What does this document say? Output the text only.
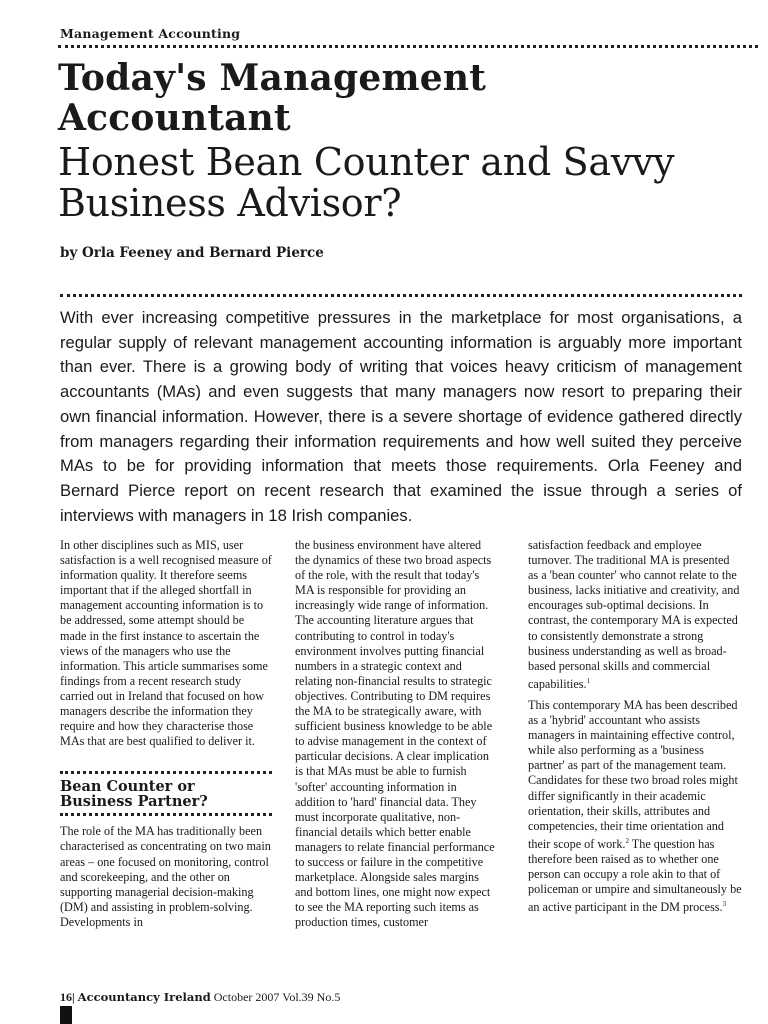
Management Accounting
Today's Management Accountant
Honest Bean Counter and Savvy Business Advisor?
by Orla Feeney and Bernard Pierce

With ever increasing competitive pressures in the marketplace for most organisations, a regular supply of relevant management accounting information is arguably more important than ever. There is a growing body of writing that voices heavy criticism of management accountants (MAs) and even suggests that many managers now resort to preparing their own financial information. However, there is a severe shortage of evidence gathered directly from managers regarding their information requirements and how well suited they perceive MAs to be for providing information that meets those requirements. Orla Feeney and Bernard Pierce report on recent research that examined the issue through a series of interviews with managers in 18 Irish companies.

In other disciplines such as MIS, user satisfaction is a well recognised measure of information quality. It therefore seems important that if the alleged shortfall in management accounting information is to be addressed, some attempt should be made in the first instance to ascertain the views of the managers who use the information. This article summarises some findings from a recent research study carried out in Ireland that focused on how managers describe the information they require and how they characterise those MAs that are best qualified to deliver it.

Bean Counter or
Business Partner?

The role of the MA has traditionally been characterised as concentrating on two main areas – one focused on monitoring, control and scorekeeping, and the other on supporting managerial decision-making (DM) and assisting in problem-solving. Developments in

the business environment have altered the dynamics of these two broad aspects of the role, with the result that today's MA is responsible for providing an increasingly wide range of information. The accounting literature argues that contributing to control in today's environment involves putting financial numbers in a strategic context and relating non-financial results to strategic objectives. Contributing to DM requires the MA to be strategically aware, with sufficient business knowledge to be able to advise management in the context of particular decisions. A clear implication is that MAs must be able to furnish 'softer' accounting information in addition to 'hard' financial data. They must incorporate qualitative, non-financial details which better enable managers to relate financial performance to success or failure in the competitive marketplace. Alongside sales margins and bottom lines, one might now expect to see the MA reporting such items as production times, customer

satisfaction feedback and employee turnover. The traditional MA is presented as a 'bean counter' who cannot relate to the business, lacks initiative and creativity, and encourages sub-optimal decisions. In contrast, the contemporary MA is expected to consistently demonstrate a strong business understanding as well as broad-based personal skills and commercial capabilities.$^1$

This contemporary MA has been described as a 'hybrid' accountant who assists managers in maintaining effective control, while also performing as a 'business partner' as part of the management team. Candidates for these two broad roles might differ significantly in their academic orientation, their skills, attributes and competencies, their time orientation and their scope of work.$^2$ The question has therefore been raised as to whether one person can occupy a role akin to that of policeman or umpire and simultaneously be an active participant in the DM process.$^3$

16| Accountancy Ireland October 2007 Vol.39 No.5
